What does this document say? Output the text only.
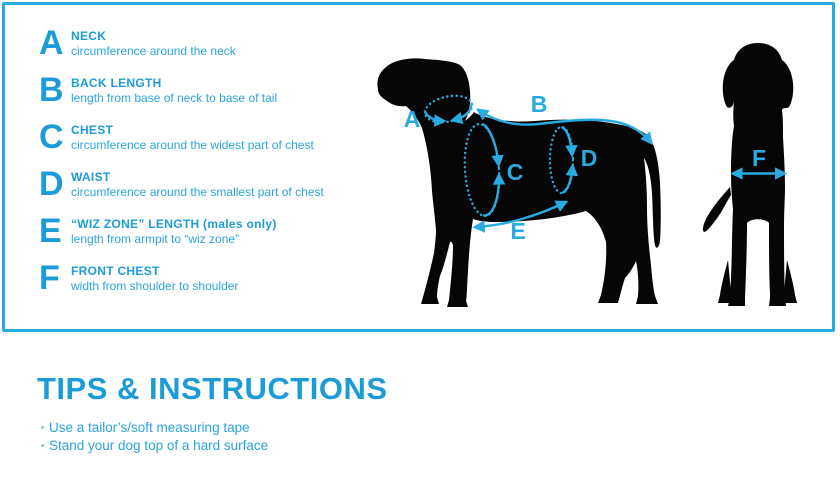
A NECK
circumference around the neck
B BACK LENGTH
length from base of neck to base of tail
C CHEST
circumference around the widest part of chest
D WAIST
circumference around the smallest part of chest
E “WIZ ZONE” LENGTH (males only)
length from armpit to “wiz zone”
F FRONT CHEST
width from shoulder to shoulder
A
B
C
D
E
F
TIPS & INSTRUCTIONS
· Use a tailor’s/soft measuring tape
· Stand your dog top of a hard surface
